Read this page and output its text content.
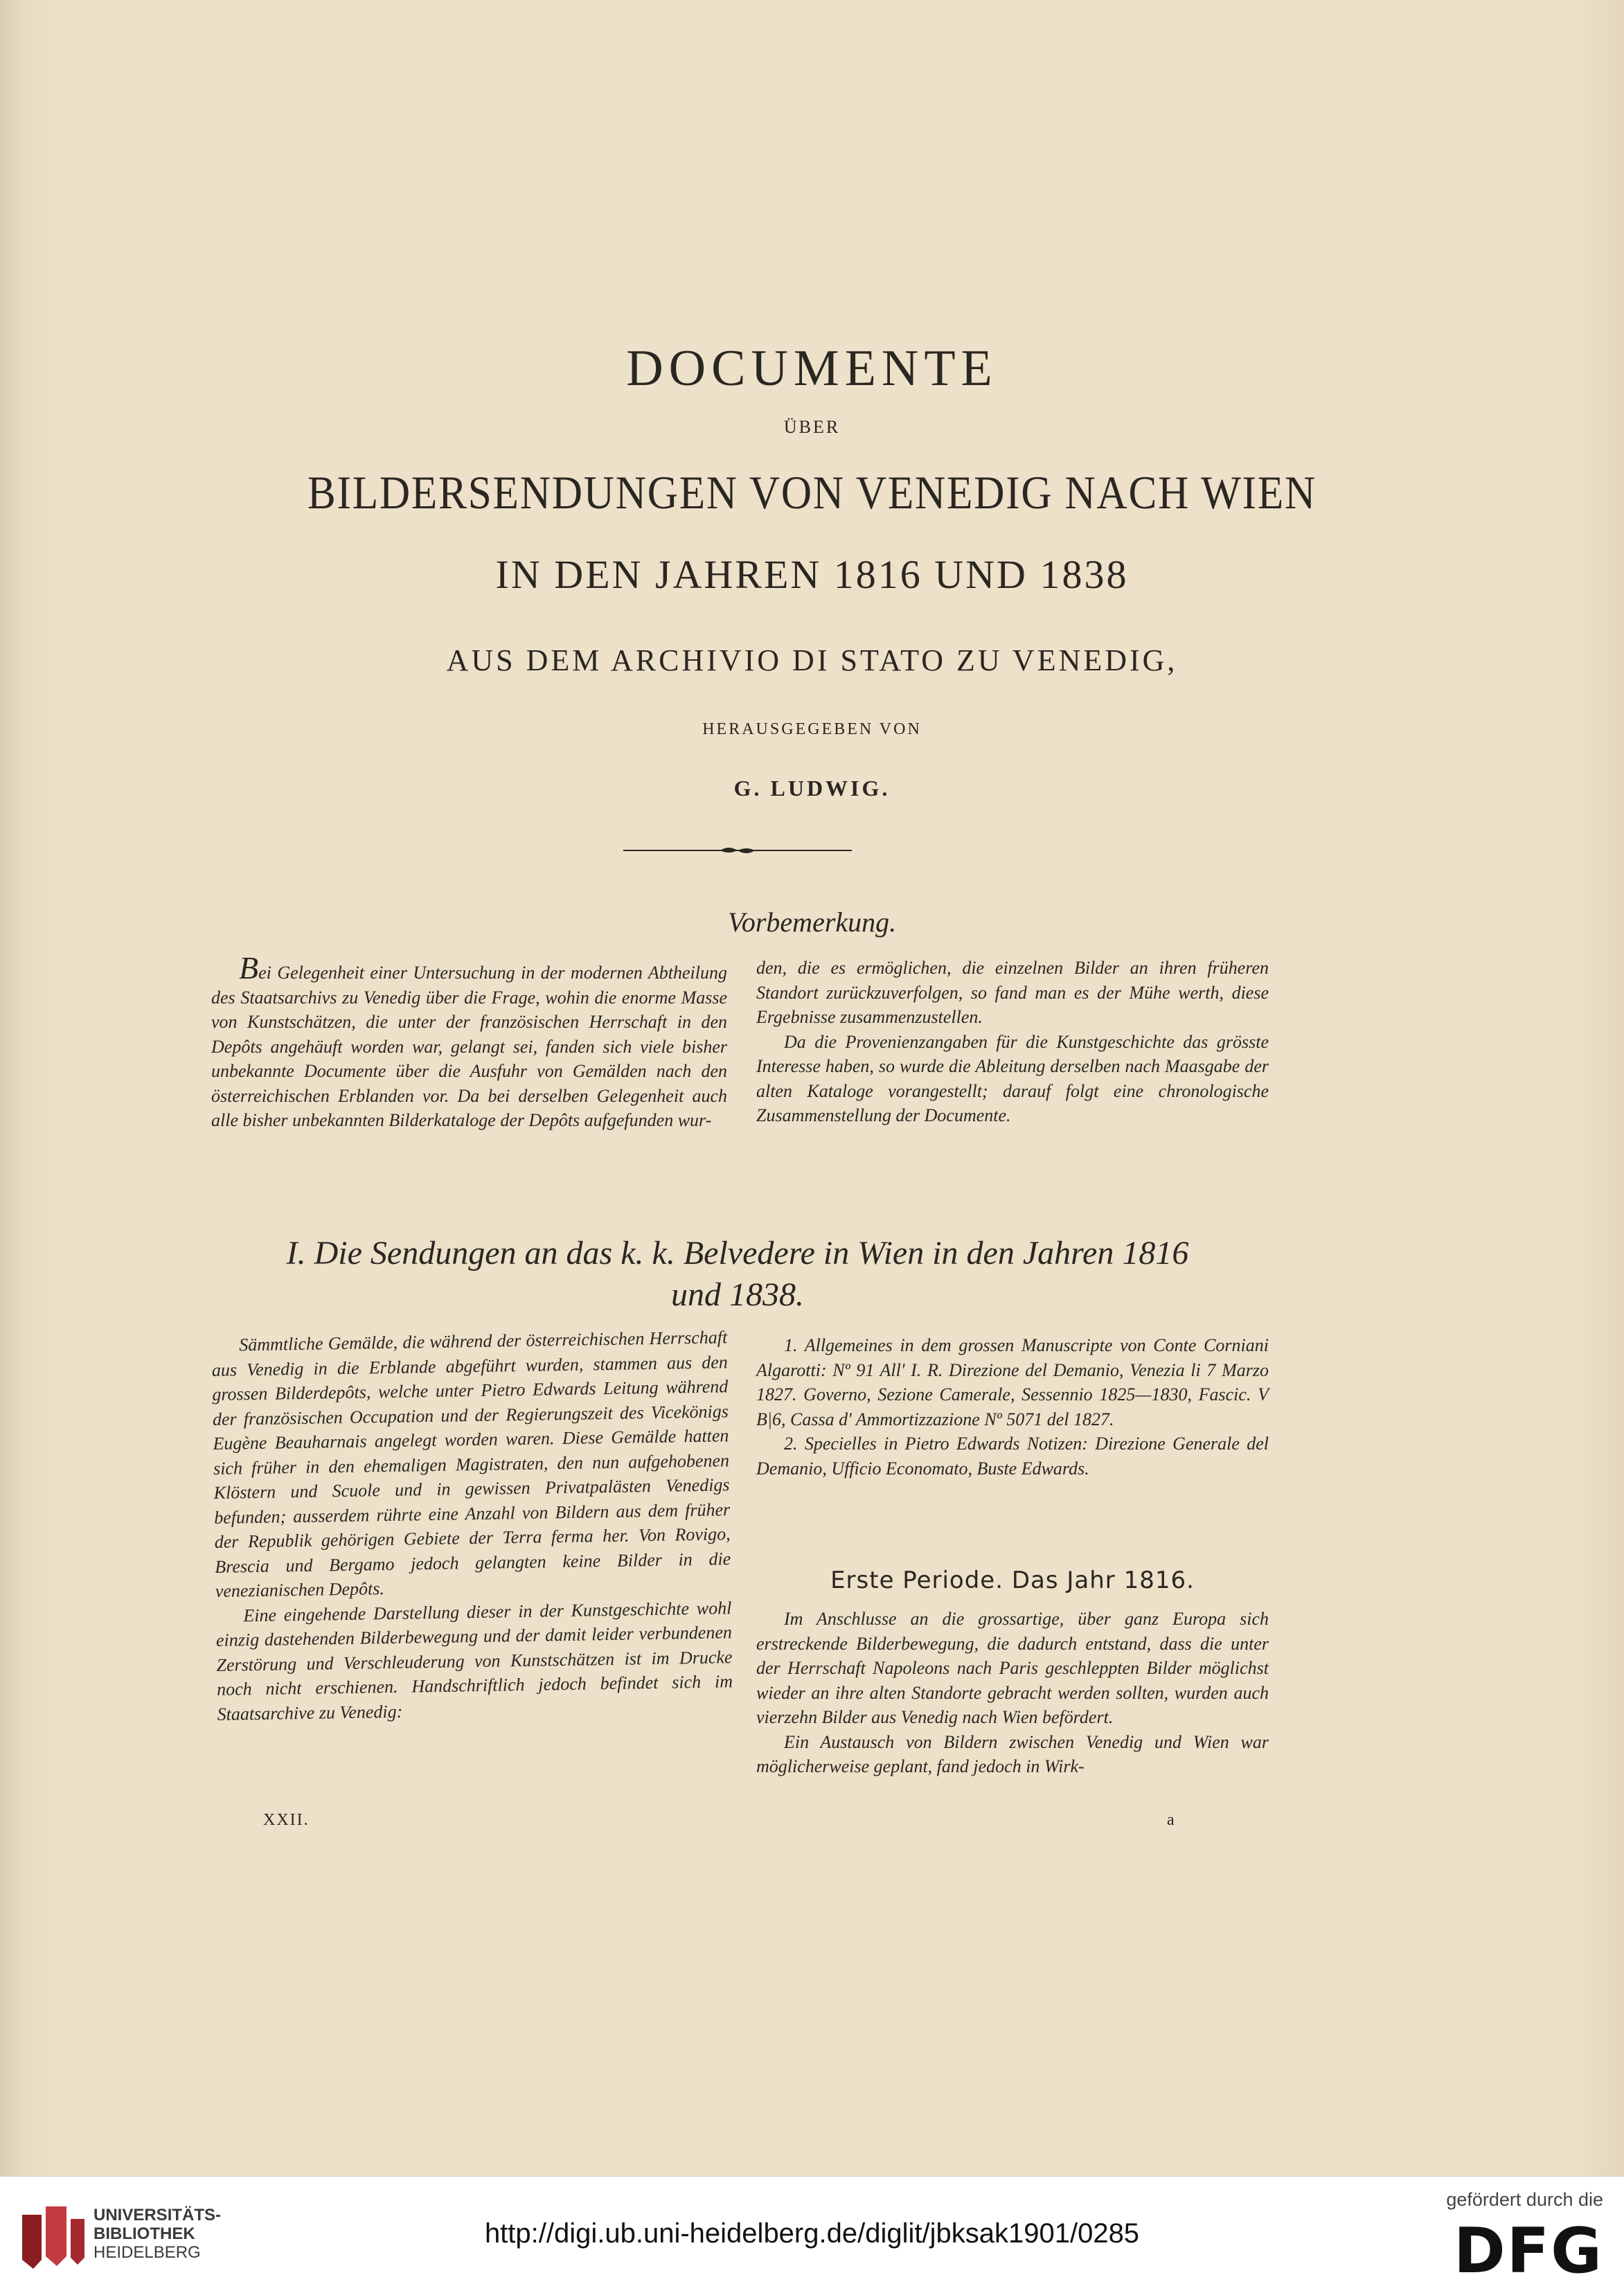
DOCUMENTE
ÜBER
BILDERSENDUNGEN VON VENEDIG NACH WIEN
IN DEN JAHREN 1816 UND 1838
AUS DEM ARCHIVIO DI STATO ZU VENEDIG,
HERAUSGEGEBEN VON
G. LUDWIG.
Vorbemerkung.

Bei Gelegenheit einer Untersuchung in der modernen Abtheilung des Staatsarchivs zu Venedig über die Frage, wohin die enorme Masse von Kunstschätzen, die unter der französischen Herrschaft in den Depôts angehäuft worden war, gelangt sei, fanden sich viele bisher unbekannte Documente über die Ausfuhr von Gemälden nach den österreichischen Erblanden vor. Da bei derselben Gelegenheit auch alle bisher unbekannten Bilderkataloge der Depôts aufgefunden wur-

den, die es ermöglichen, die einzelnen Bilder an ihren früheren Standort zurückzuverfolgen, so fand man es der Mühe werth, diese Ergebnisse zusammenzustellen.

Da die Provenienzangaben für die Kunstgeschichte das grösste Interesse haben, so wurde die Ableitung derselben nach Maasgabe der alten Kataloge vorangestellt; darauf folgt eine chronologische Zusammenstellung der Documente.

I. Die Sendungen an das k. k. Belvedere in Wien in den Jahren 1816
und 1838.

Sämmtliche Gemälde, die während der österreichischen Herrschaft aus Venedig in die Erblande abgeführt wurden, stammen aus den grossen Bilderdepôts, welche unter Pietro Edwards Leitung während der französischen Occupation und der Regierungszeit des Vicekönigs Eugène Beauharnais angelegt worden waren. Diese Gemälde hatten sich früher in den ehemaligen Magistraten, den nun aufgehobenen Klöstern und Scuole und in gewissen Privatpalästen Venedigs befunden; ausserdem rührte eine Anzahl von Bildern aus dem früher der Republik gehörigen Gebiete der Terra ferma her. Von Rovigo, Brescia und Bergamo jedoch gelangten keine Bilder in die venezianischen Depôts.

Eine eingehende Darstellung dieser in der Kunstgeschichte wohl einzig dastehenden Bilderbewegung und der damit leider verbundenen Zerstörung und Verschleuderung von Kunstschätzen ist im Drucke noch nicht erschienen. Handschriftlich jedoch befindet sich im Staatsarchive zu Venedig:

1. Allgemeines in dem grossen Manuscripte von Conte Corniani Algarotti: Nº 91 All' I. R. Direzione del Demanio, Venezia li 7 Marzo 1827. Governo, Sezione Camerale, Sessennio 1825—1830, Fascic. V B|6, Cassa d' Ammortizzazione Nº 5071 del 1827.

2. Specielles in Pietro Edwards Notizen: Direzione Generale del Demanio, Ufficio Economato, Buste Edwards.

Erste Periode. Das Jahr 1816.

Im Anschlusse an die grossartige, über ganz Europa sich erstreckende Bilderbewegung, die dadurch entstand, dass die unter der Herrschaft Napoleons nach Paris geschleppten Bilder möglichst wieder an ihre alten Standorte gebracht werden sollten, wurden auch vierzehn Bilder aus Venedig nach Wien befördert.

Ein Austausch von Bildern zwischen Venedig und Wien war möglicherweise geplant, fand jedoch in Wirk-

XXII.	a
UNIVERSITÄTS-
BIBLIOTHEK
HEIDELBERG
http://digi.ub.uni-heidelberg.de/diglit/jbksak1901/0285
gefördert durch die
DFG
